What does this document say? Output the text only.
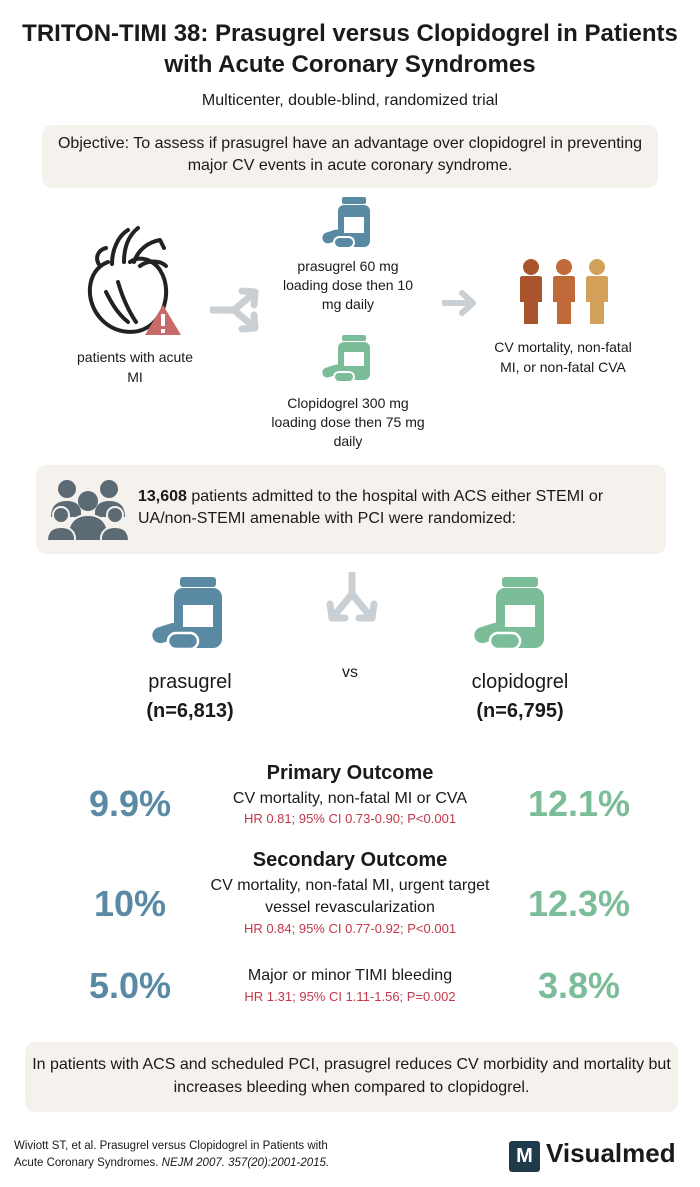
TRITON-TIMI 38: Prasugrel versus Clopidogrel in Patients with Acute Coronary Syndromes
Multicenter, double-blind, randomized trial
Objective: To assess if prasugrel have an advantage over clopidogrel in preventing major CV events in acute coronary syndrome.
patients with acute MI
prasugrel 60 mg loading dose then 10 mg daily
Clopidogrel 300 mg loading dose then 75 mg daily
CV mortality, non-fatal MI, or non-fatal CVA
13,608 patients admitted to the hospital with ACS either STEMI or UA/non-STEMI amenable with PCI were randomized:
prasugrel
(n=6,813)
vs	clopidogrel
(n=6,795)
Primary Outcome
CV mortality, non-fatal MI or CVA
HR 0.81; 95% CI 0.73-0.90; P<0.001
9.9%	12.1%
Secondary Outcome
CV mortality, non-fatal MI, urgent target vessel revascularization
HR 0.84; 95% CI 0.77-0.92; P<0.001
10%	12.3%
Major or minor TIMI bleeding
HR 1.31; 95% CI 1.11-1.56; P=0.002
5.0%	3.8%
In patients with ACS and scheduled PCI, prasugrel reduces CV morbidity and mortality but increases bleeding when compared to clopidogrel.
Wiviott ST, et al. Prasugrel versus Clopidogrel in Patients with
Acute Coronary Syndromes. NEJM 2007. 357(20):2001-2015.	M Visualmed
